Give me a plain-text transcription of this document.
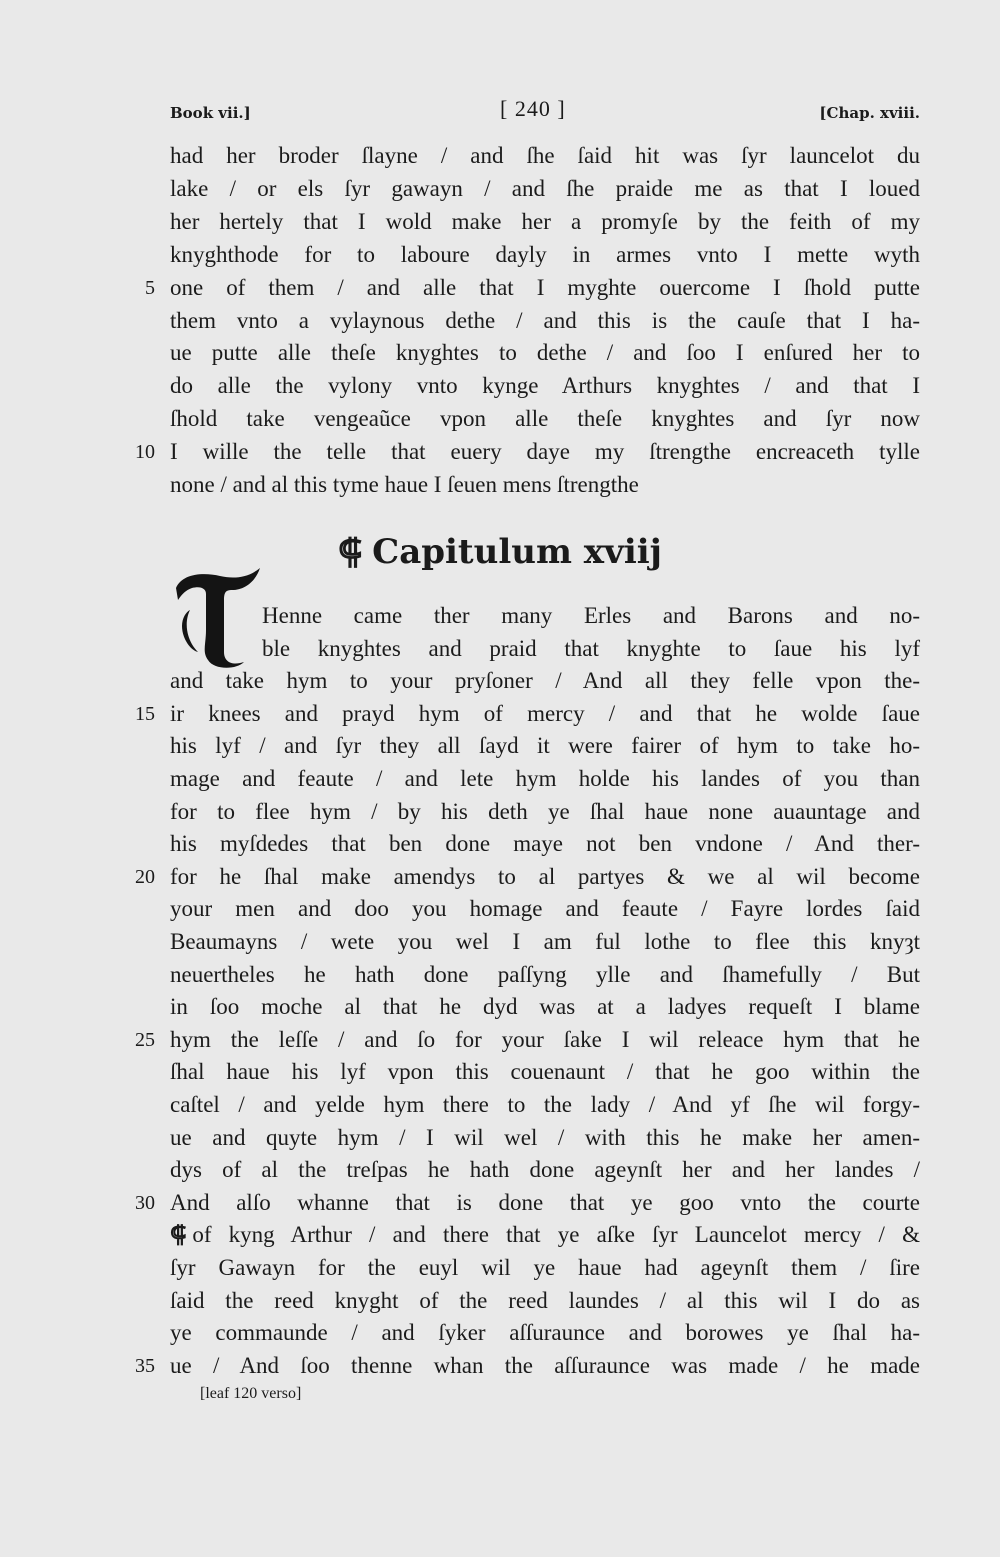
Book vii.]	[ 240 ]	[Chap. xviii.
had her broder ſlayne / and ſhe ſaid hit was ſyr launcelot du
lake / or els ſyr gawayn / and ſhe praide me as that I loued
her hertely that I wold make her a promyſe by the feith of my
knyghthode for to laboure dayly in armes vnto I mette wyth
5 one of them / and alle that I myghte ouercome I ſhold putte
them vnto a vylaynous dethe / and this is the cauſe that I ha-
ue putte alle theſe knyghtes to dethe / and ſoo I enſured her to
do alle the vylony vnto kynge Arthurs knyghtes / and that I
ſhold take vengeaũce vpon alle theſe knyghtes and ſyr now
10 I wille the telle that euery daye my ſtrengthe encreaceth tylle
none / and al this tyme haue I ſeuen mens ſtrengthe
⸿ Capitulum xviij
T
Henne came ther many Erles and Barons and no-
ble knyghtes and praid that knyghte to ſaue his lyf
and take hym to your pryſoner / And all they felle vpon the-
15 ir knees and prayd hym of mercy / and that he wolde ſaue
his lyf / and ſyr they all ſayd it were fairer of hym to take ho-
mage and feaute / and lete hym holde his landes of you than
for to flee hym / by his deth ye ſhal haue none auauntage and
his myſdedes that ben done maye not ben vndone / And ther-
20 for he ſhal make amendys to al partyes & we al wil become
your men and doo you homage and feaute / Fayre lordes ſaid
Beaumayns / wete you wel I am ful lothe to flee this knyȝt
neuertheles he hath done paſſyng ylle and ſhamefully / But
in ſoo moche al that he dyd was at a ladyes requeſt I blame
25 hym the leſſe / and ſo for your ſake I wil releace hym that he
ſhal haue his lyf vpon this couenaunt / that he goo within the
caſtel / and yelde hym there to the lady / And yf ſhe wil forgy-
ue and quyte hym / I wil wel / with this he make her amen-
dys of al the treſpas he hath done ageynſt her and her landes /
30 And alſo whanne that is done that ye goo vnto the courte
⸿ of kyng Arthur / and there that ye aſke ſyr Launcelot mercy / &
ſyr Gawayn for the euyl wil ye haue had ageynſt them / ſire
ſaid the reed knyght of the reed laundes / al this wil I do as
ye commaunde / and ſyker aſſuraunce and borowes ye ſhal ha-
35 ue / And ſoo thenne whan the aſſuraunce was made / he made
[leaf 120 verso]
